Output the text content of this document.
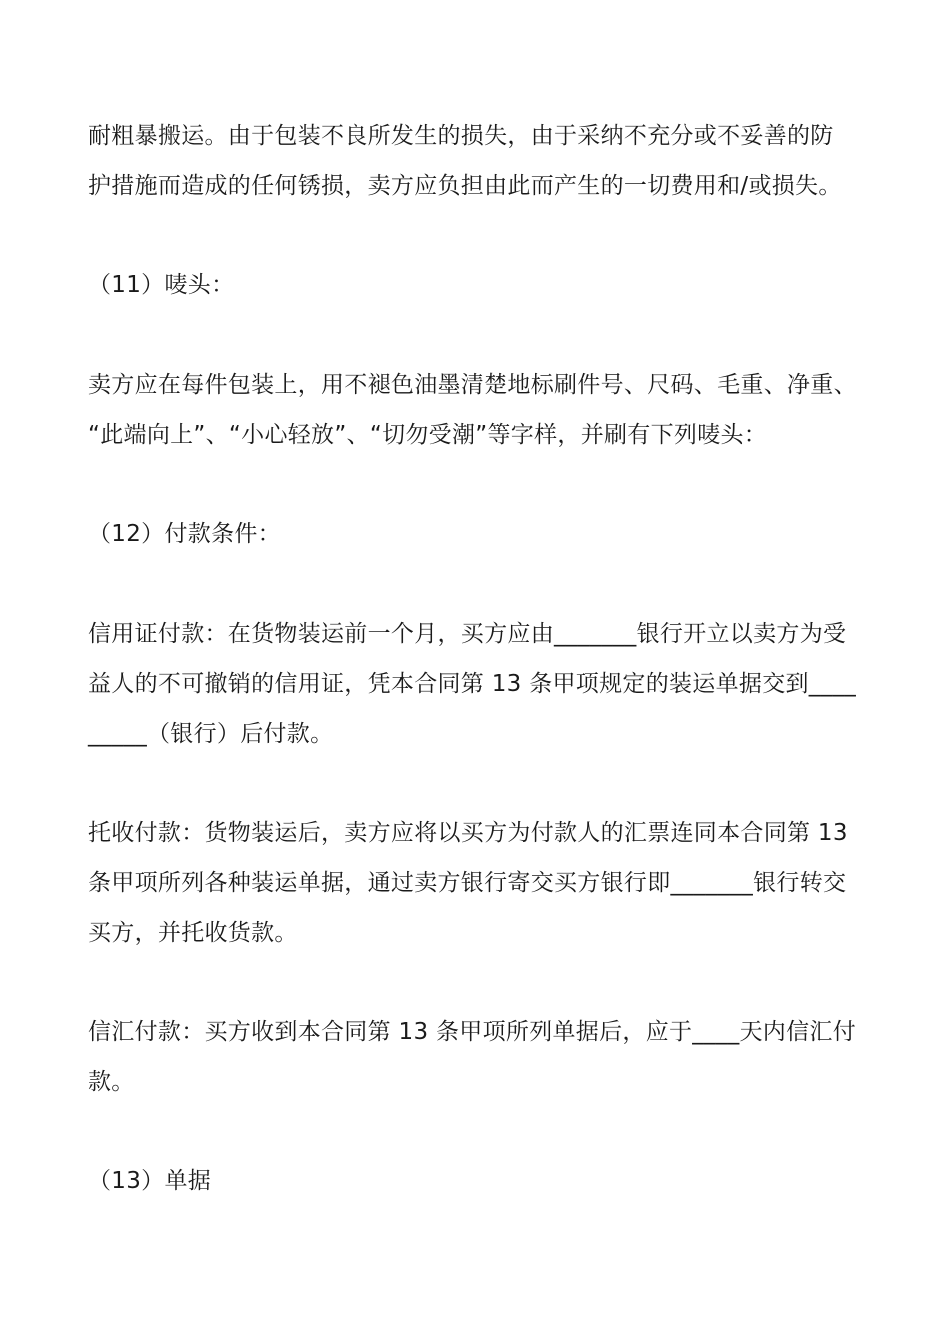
耐粗暴搬运。由于包装不良所发生的损失，由于采纳不充分或不妥善的防
护措施而造成的任何锈损，卖方应负担由此而产生的一切费用和/或损失。
（11）唛头：
卖方应在每件包装上，用不褪色油墨清楚地标刷件号、尺码、毛重、净重、
“此端向上”、“小心轻放”、“切勿受潮”等字样，并刷有下列唛头：
（12）付款条件：
信用证付款：在货物装运前一个月，买方应由_______银行开立以卖方为受
益人的不可撤销的信用证，凭本合同第 13 条甲项规定的装运单据交到____
_____（银行）后付款。
托收付款：货物装运后，卖方应将以买方为付款人的汇票连同本合同第 13
条甲项所列各种装运单据，通过卖方银行寄交买方银行即_______银行转交
买方，并托收货款。
信汇付款：买方收到本合同第 13 条甲项所列单据后，应于____天内信汇付
款。
（13）单据
